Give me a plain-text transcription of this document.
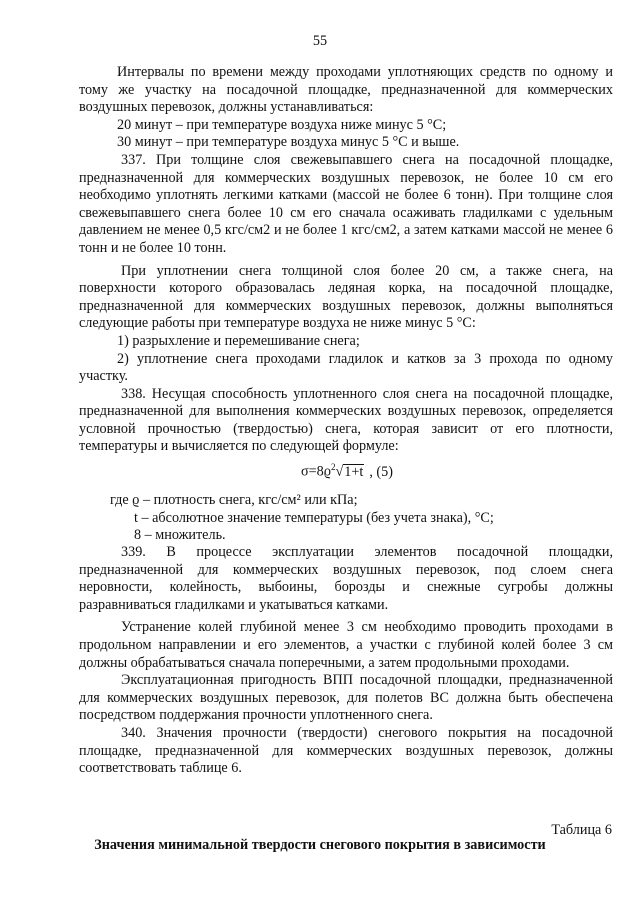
55

Интервалы по времени между проходами уплотняющих средств по одному и тому же участку на посадочной площадке, предназначенной для коммерческих воздушных перевозок, должны устанавливаться:

20 минут – при температуре воздуха ниже минус 5 °С;

30 минут – при температуре воздуха минус 5 °С и выше.

337. При толщине слоя свежевыпавшего снега на посадочной площадке, предназначенной для коммерческих воздушных перевозок, не более 10 см его необходимо уплотнять легкими катками (массой не более 6 тонн). При толщине слоя свежевыпавшего снега более 10 см его сначала осаживать гладилками с удельным давлением не менее 0,5 кгс/см2 и не более 1 кгс/см2, а затем катками массой не менее 6 тонн и не более 10 тонн.

При уплотнении снега толщиной слоя более 20 см, а также снега, на поверхности которого образовалась ледяная корка, на посадочной площадке, предназначенной для коммерческих воздушных перевозок, должны выполняться следующие работы при температуре воздуха не ниже минус 5 °С:

1) разрыхление и перемешивание снега;

2) уплотнение снега проходами гладилок и катков за 3 прохода по одному участку.

338. Несущая способность уплотненного слоя снега на посадочной площадке, предназначенной для выполнения коммерческих воздушных перевозок, определяется условной прочностью (твердостью) снега, которая зависит от его плотности, температуры и вычисляется по следующей формуле:

$\sigma=8ϱ^2√1+t$ , (5)
где ϱ – плотность снега, кгс/см² или кПа;
t – абсолютное значение температуры (без учета знака), °С;
8 – множитель.

339. В процессе эксплуатации элементов посадочной площадки, предназначенной для коммерческих воздушных перевозок, под слоем снега неровности, колейность, выбоины, борозды и снежные сугробы должны разравниваться гладилками и укатываться катками.

Устранение колей глубиной менее 3 см необходимо проводить проходами в продольном направлении и его элементов, а участки с глубиной колей более 3 см должны обрабатываться сначала поперечными, а затем продольными проходами.

Эксплуатационная пригодность ВПП посадочной площадки, предназначенной для коммерческих воздушных перевозок, для полетов ВС должна быть обеспечена посредством поддержания прочности уплотненного снега.

340. Значения прочности (твердости) снегового покрытия на посадочной площадке, предназначенной для коммерческих воздушных перевозок, должны соответствовать таблице 6.

Таблица 6
Значения минимальной твердости снегового покрытия в зависимости
